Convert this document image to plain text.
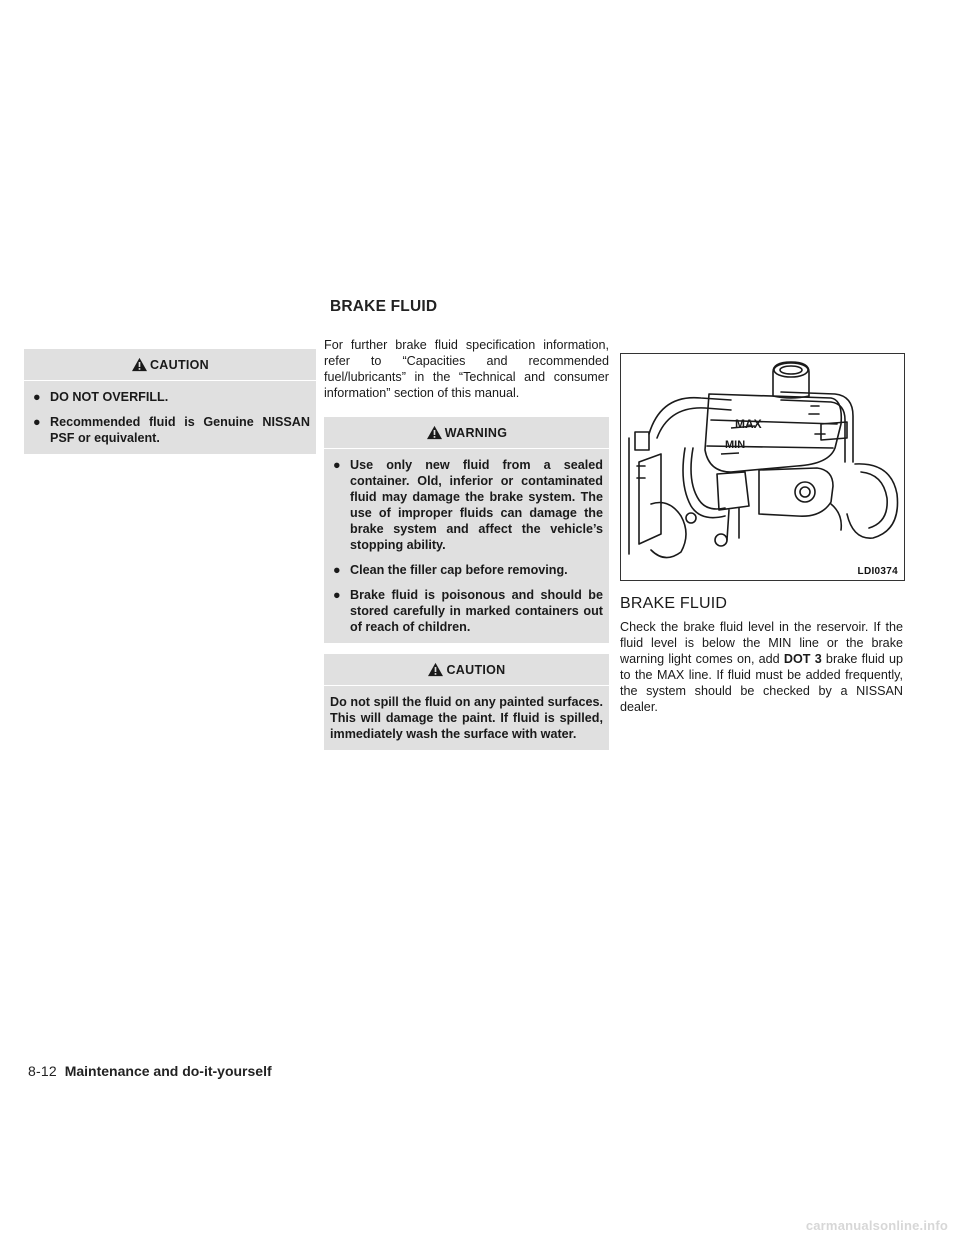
BRAKE FLUID
CAUTION
● DO NOT OVERFILL.
● Recommended fluid is Genuine NISSAN PSF or equivalent.

For further brake fluid specification information, refer to “Capacities and recommended fuel/lubricants” in the “Technical and consumer information” section of this manual.

WARNING
● Use only new fluid from a sealed container. Old, inferior or contaminated fluid may damage the brake system. The use of improper fluids can damage the brake system and affect the vehicle’s stopping ability.
● Clean the filler cap before removing.
● Brake fluid is poisonous and should be stored carefully in marked containers out of reach of children.
CAUTION

Do not spill the fluid on any painted surfaces. This will damage the paint. If fluid is spilled, immediately wash the surface with water.

MIN
MAX
LDI0374
BRAKE FLUID

Check the brake fluid level in the reservoir. If the fluid level is below the MIN line or the brake warning light comes on, add DOT 3 brake fluid up to the MAX line. If fluid must be added frequently, the system should be checked by a NISSAN dealer.

8-12 Maintenance and do-it-yourself
carmanualsonline.info
